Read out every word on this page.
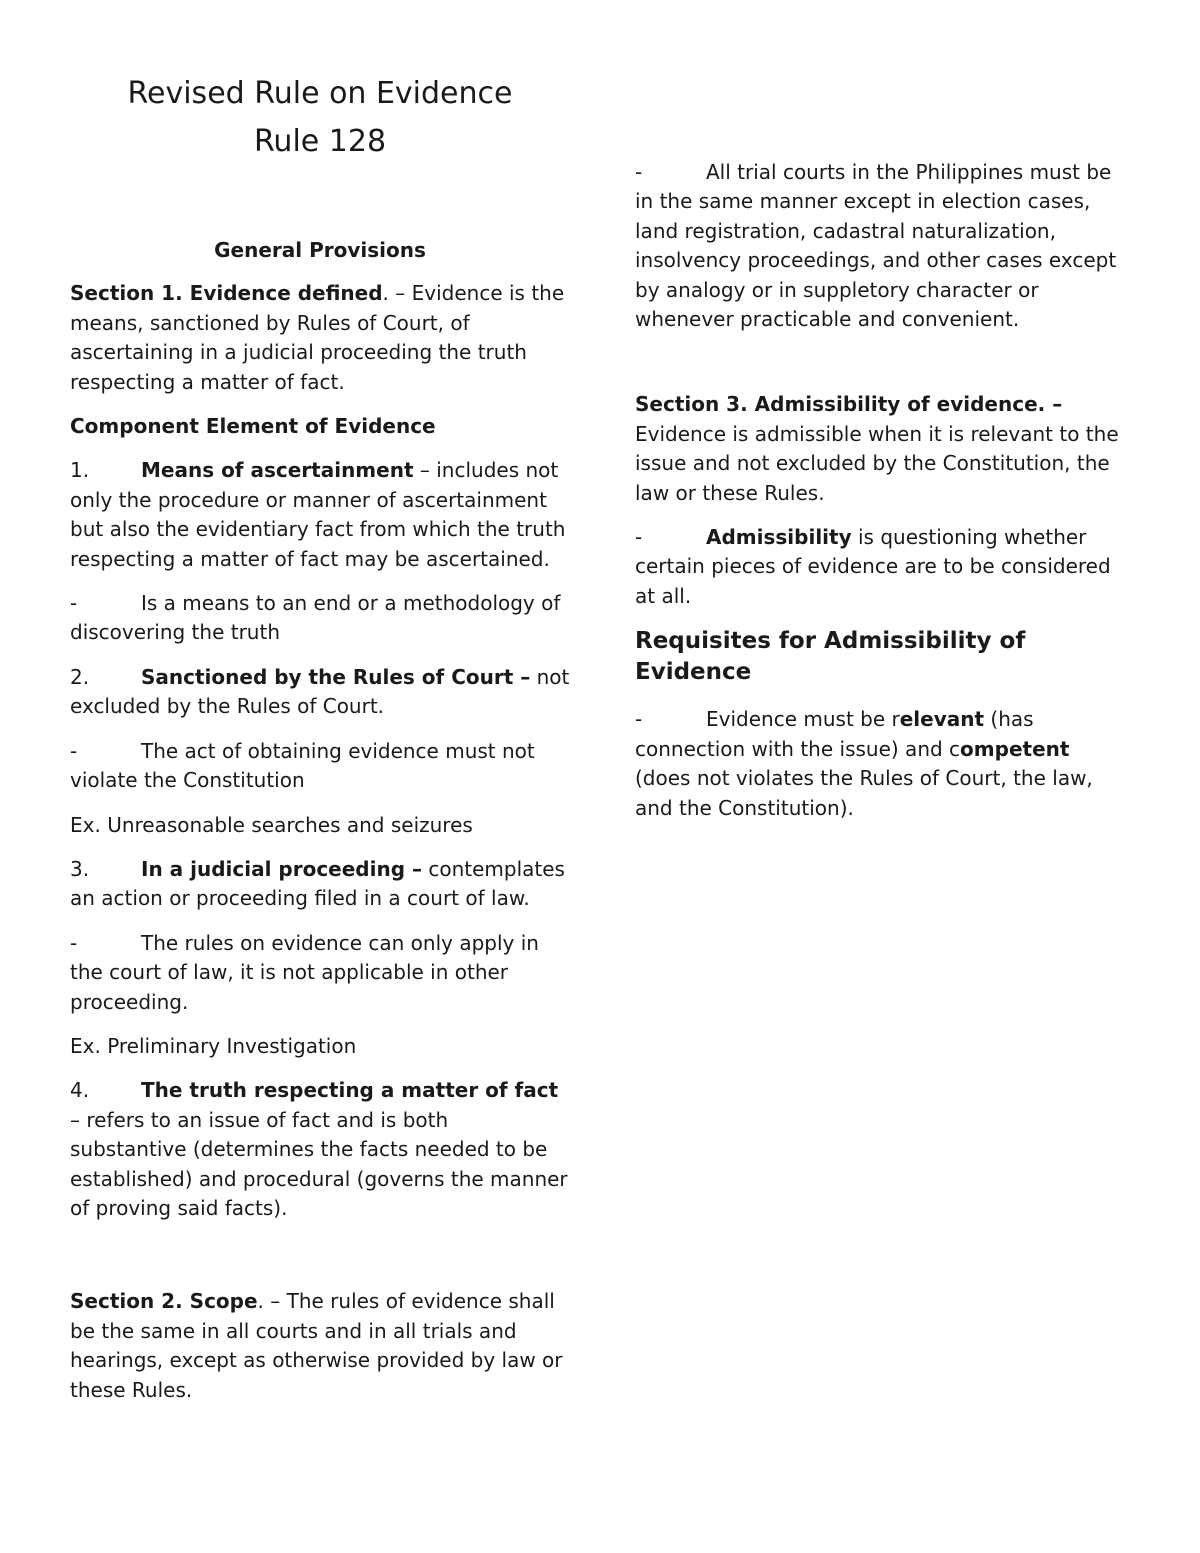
Revised Rule on Evidence
Rule 128

General Provisions

Section 1. Evidence defined. – Evidence is the means, sanctioned by Rules of Court, of ascertaining in a judicial proceeding the truth respecting a matter of fact.

Component Element of Evidence

1.	Means of ascertainment – includes not only the procedure or manner of ascertainment but also the evidentiary fact from which the truth respecting a matter of fact may be ascertained.

-	Is a means to an end or a methodology of discovering the truth

2.	Sanctioned by the Rules of Court – not excluded by the Rules of Court.

-	The act of obtaining evidence must not violate the Constitution

Ex. Unreasonable searches and seizures

3.	In a judicial proceeding – contemplates an action or proceeding filed in a court of law.

-	The rules on evidence can only apply in the court of law, it is not applicable in other proceeding.

Ex. Preliminary Investigation

4.	The truth respecting a matter of fact – refers to an issue of fact and is both substantive (determines the facts needed to be established) and procedural (governs the manner of proving said facts).

Section 2. Scope. – The rules of evidence shall be the same in all courts and in all trials and hearings, except as otherwise provided by law or these Rules.

-	All trial courts in the Philippines must be in the same manner except in election cases, land registration, cadastral naturalization, insolvency proceedings, and other cases except by analogy or in suppletory character or whenever practicable and convenient.

Section 3. Admissibility of evidence. – Evidence is admissible when it is relevant to the issue and not excluded by the Constitution, the law or these Rules.

-	Admissibility is questioning whether certain pieces of evidence are to be considered at all.

Requisites for Admissibility of Evidence

-	Evidence must be relevant (has connection with the issue) and competent (does not violates the Rules of Court, the law, and the Constitution).
